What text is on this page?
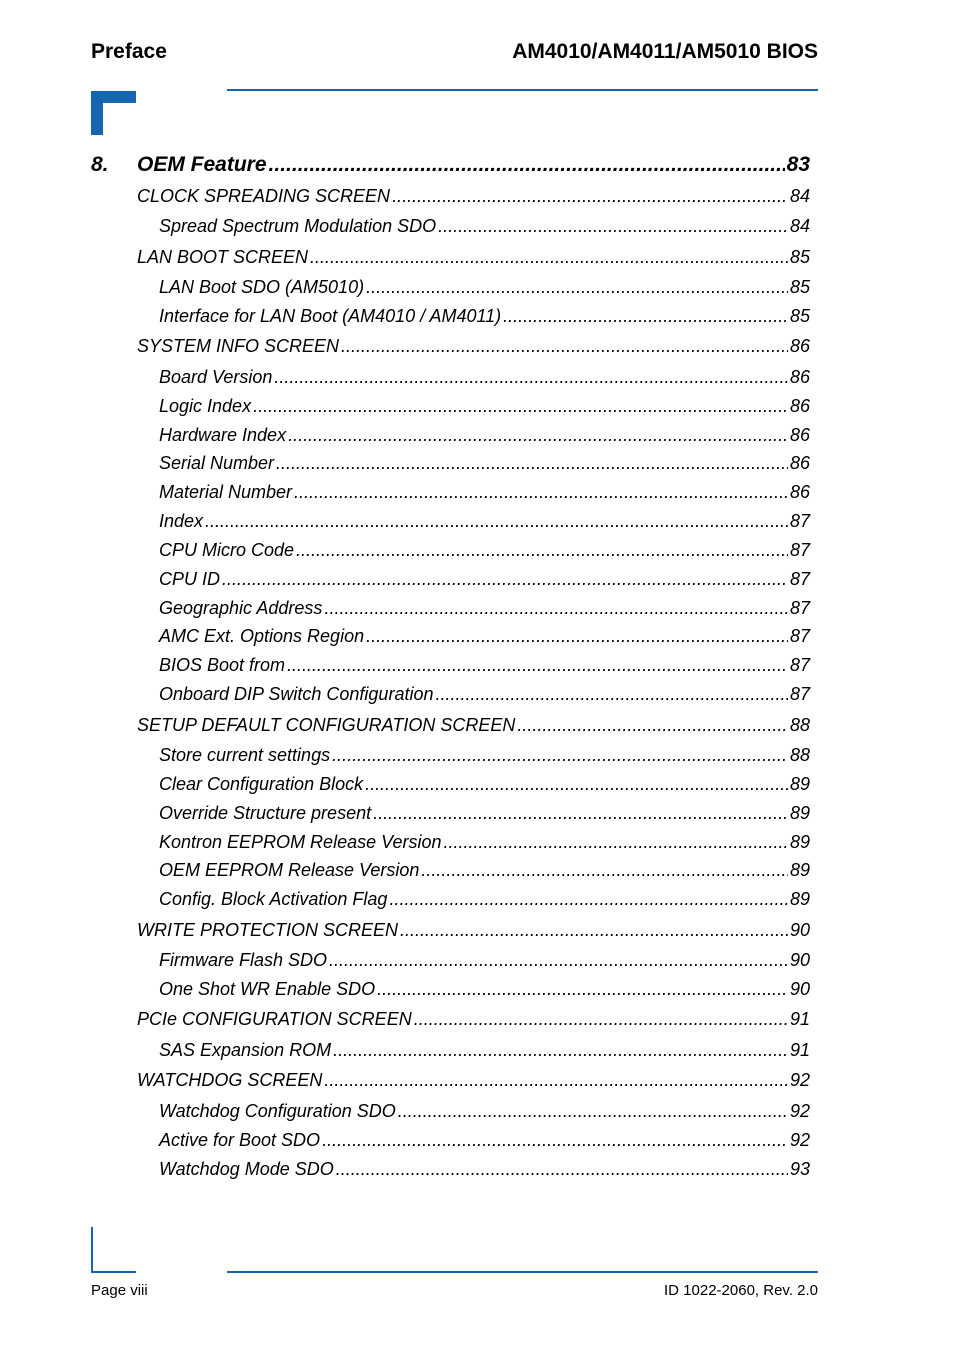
Preface	AM4010/AM4011/AM5010 BIOS
8.	OEM Feature .....	83
CLOCK SPREADING SCREEN .....	84
Spread Spectrum Modulation SDO .....	84
LAN BOOT SCREEN .....	85
LAN Boot SDO (AM5010) .....	85
Interface for LAN Boot (AM4010 / AM4011) .....	85
SYSTEM INFO SCREEN .....	86
Board Version .....	86
Logic Index .....	86
Hardware Index .....	86
Serial Number .....	86
Material Number .....	86
Index .....	87
CPU Micro Code .....	87
CPU ID .....	87
Geographic Address .....	87
AMC Ext. Options Region .....	87
BIOS Boot from .....	87
Onboard DIP Switch Configuration .....	87
SETUP DEFAULT CONFIGURATION SCREEN .....	88
Store current settings .....	88
Clear Configuration Block .....	89
Override Structure present .....	89
Kontron EEPROM Release Version .....	89
OEM EEPROM Release Version .....	89
Config. Block Activation Flag .....	89
WRITE PROTECTION SCREEN .....	90
Firmware Flash SDO .....	90
One Shot WR Enable SDO .....	90
PCIe CONFIGURATION SCREEN .....	91
SAS Expansion ROM .....	91
WATCHDOG SCREEN .....	92
Watchdog Configuration SDO .....	92
Active for Boot SDO .....	92
Watchdog Mode SDO .....	93
Page viii	ID 1022-2060, Rev. 2.0
